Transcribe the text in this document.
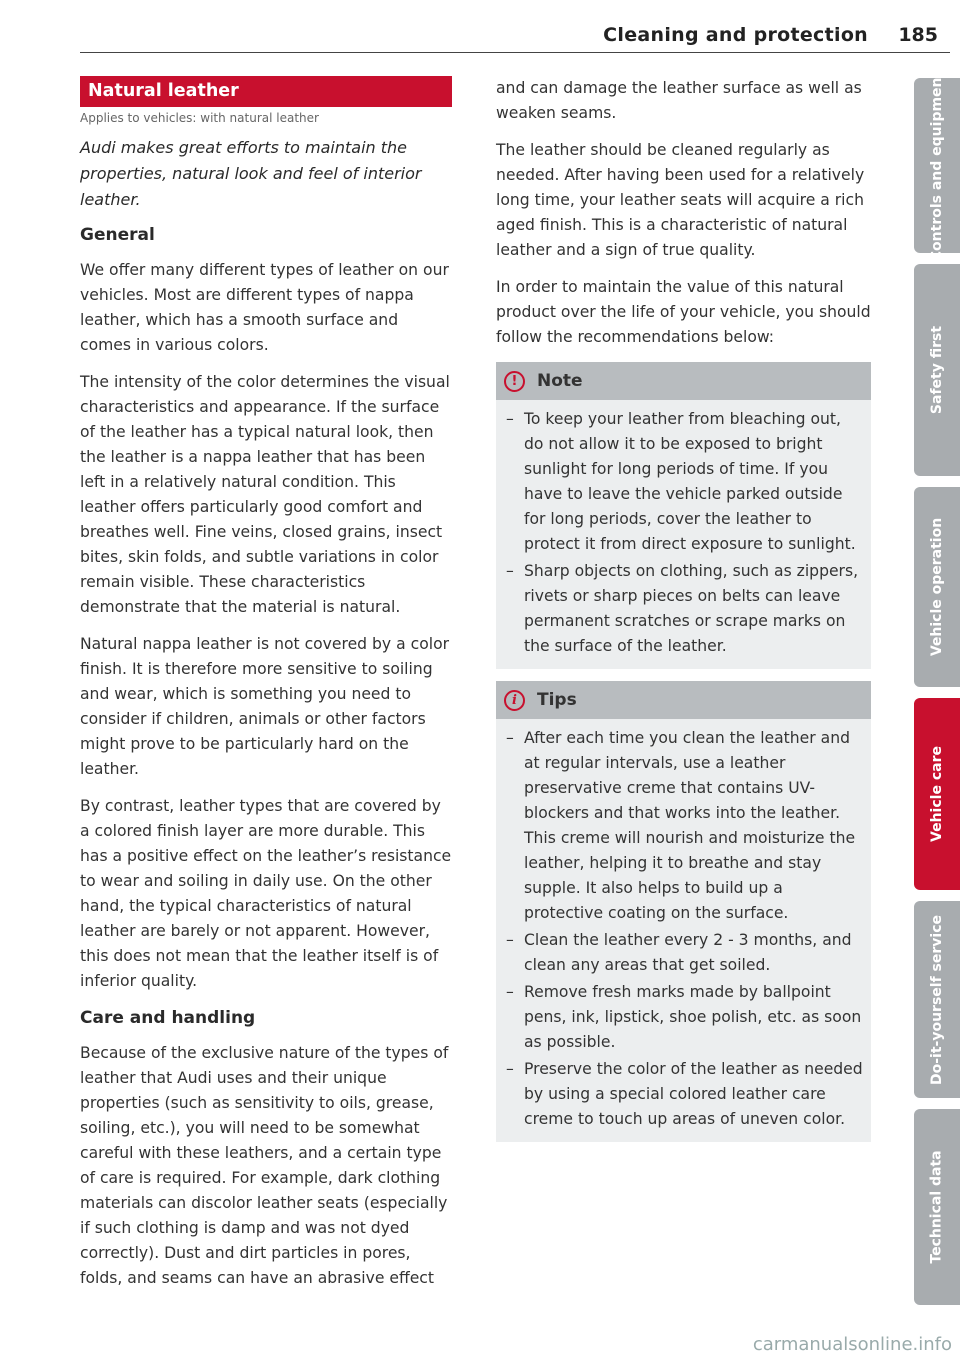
Cleaning and protection 185
Natural leather
Applies to vehicles: with natural leather

Audi makes great efforts to maintain the properties, natural look and feel of interior leather.

General

We offer many different types of leather on our vehicles. Most are different types of nappa leather, which has a smooth surface and comes in various colors.

The intensity of the color determines the visual characteristics and appearance. If the surface of the leather has a typical natural look, then the leather is a nappa leather that has been left in a relatively natural condition. This leather offers particularly good comfort and breathes well. Fine veins, closed grains, insect bites, skin folds, and subtle variations in color remain visible. These characteristics demonstrate that the material is natural.

Natural nappa leather is not covered by a color finish. It is therefore more sensitive to soiling and wear, which is something you need to consider if children, animals or other factors might prove to be particularly hard on the leather.

By contrast, leather types that are covered by a colored finish layer are more durable. This has a positive effect on the leather’s resistance to wear and soiling in daily use. On the other hand, the typical characteristics of natural leather are barely or not apparent. However, this does not mean that the leather itself is of inferior quality.

Care and handling

Because of the exclusive nature of the types of leather that Audi uses and their unique properties (such as sensitivity to oils, grease, soiling, etc.), you will need to be somewhat careful with these leathers, and a certain type of care is required. For example, dark clothing materials can discolor leather seats (especially if such clothing is damp and was not dyed correctly). Dust and dirt particles in pores, folds, and seams can have an abrasive effect

and can damage the leather surface as well as weaken seams.

The leather should be cleaned regularly as needed. After having been used for a relatively long time, your leather seats will acquire a rich aged finish. This is a characteristic of natural leather and a sign of true quality.

In order to maintain the value of this natural product over the life of your vehicle, you should follow the recommendations below:

!	Note
– To keep your leather from bleaching out, do not allow it to be exposed to bright sunlight for long periods of time. If you have to leave the vehicle parked outside for long periods, cover the leather to protect it from direct exposure to sunlight.
– Sharp objects on clothing, such as zippers, rivets or sharp pieces on belts can leave permanent scratches or scrape marks on the surface of the leather.
i	Tips
– After each time you clean the leather and at regular intervals, use a leather preservative creme that contains UV-blockers and that works into the leather. This creme will nourish and moisturize the leather, helping it to breathe and stay supple. It also helps to build up a protective coating on the surface.
– Clean the leather every 2 - 3 months, and clean any areas that get soiled.
– Remove fresh marks made by ballpoint pens, ink, lipstick, shoe polish, etc. as soon as possible.
– Preserve the color of the leather as needed by using a special colored leather care creme to touch up areas of uneven color.
Controls and equipment
Safety first
Vehicle operation
Vehicle care
Do-it-yourself service
Technical data
carmanualsonline.info
